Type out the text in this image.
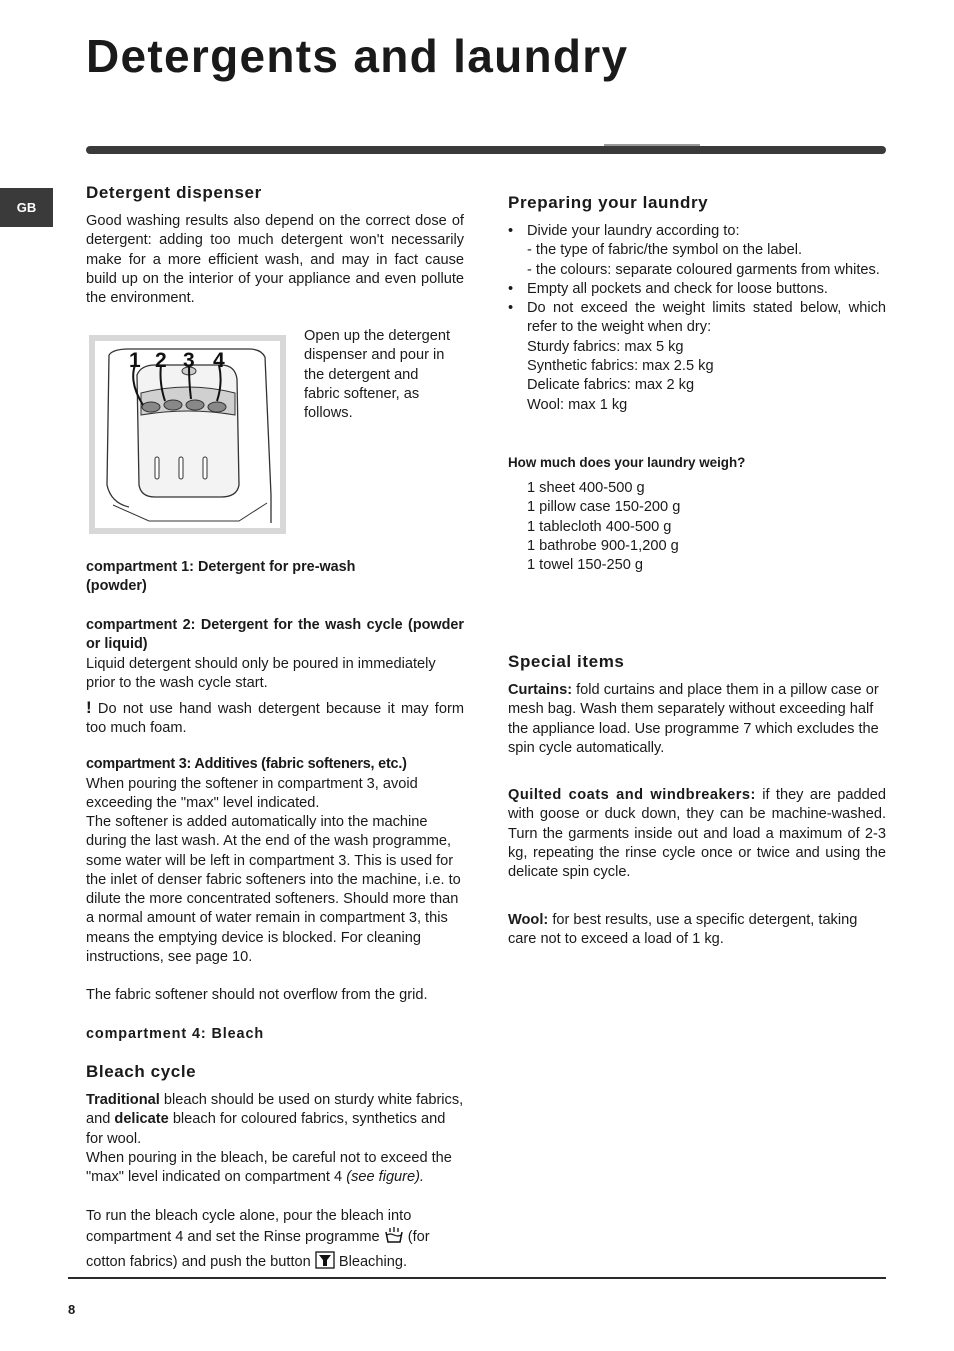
Detergents and laundry
GB
Detergent dispenser

Good washing results also depend on the correct dose of detergent: adding too much detergent won't necessarily make for a more efficient wash, and may in fact cause build up on the interior of your appliance and even pollute the environment.

1 2 3 4

Open up the detergent dispenser and pour in the detergent and fabric softener, as follows.

compartment 1: Detergent for pre-wash (powder)
compartment 2: Detergent for the wash cycle (powder or liquid)

Liquid detergent should only be poured in immediately prior to the wash cycle start.

! Do not use hand wash detergent because it may form too much foam.

compartment 3: Additives (fabric softeners, etc.)

When pouring the softener in compartment 3, avoid exceeding the "max" level indicated.

The softener is added automatically into the machine during the last wash. At the end of the wash programme, some water will be left in compartment 3. This is used for the inlet of denser fabric softeners into the machine, i.e. to dilute the more concentrated softeners. Should more than a normal amount of water remain in compartment 3, this means the emptying device is blocked. For cleaning instructions, see page 10.

The fabric softener should not overflow from the grid.

compartment 4: Bleach
Bleach cycle

Traditional bleach should be used on sturdy white fabrics, and delicate bleach for coloured fabrics, synthetics and for wool.

When pouring in the bleach, be careful not to exceed the "max" level indicated on compartment 4 (see figure).

To run the bleach cycle alone, pour the bleach into compartment 4 and set the Rinse programme  (for cotton fabrics) and push the button  Bleaching.

Preparing your laundry
• Divide your laundry according to:
- the type of fabric/the symbol on the label.

- the colours: separate coloured garments from whites.
• Empty all pockets and check for loose buttons.
• Do not exceed the weight limits stated below, which refer to the weight when dry:
Sturdy fabrics: max 5 kg
Synthetic fabrics: max 2.5 kg
Delicate fabrics: max 2 kg
Wool: max 1 kg
How much does your laundry weigh?
1 sheet 400-500 g
1 pillow case 150-200 g
1 tablecloth 400-500 g
1 bathrobe 900-1,200 g
1 towel 150-250 g
Special items

Curtains: fold curtains and place them in a pillow case or mesh bag. Wash them separately without exceeding half the appliance load. Use programme 7 which excludes the spin cycle automatically.

Quilted coats and windbreakers: if they are padded with goose or duck down, they can be machine-washed. Turn the garments inside out and load a maximum of 2-3 kg, repeating the rinse cycle once or twice and using the delicate spin cycle.

Wool: for best results, use a specific detergent, taking care not to exceed a load of 1 kg.

8
